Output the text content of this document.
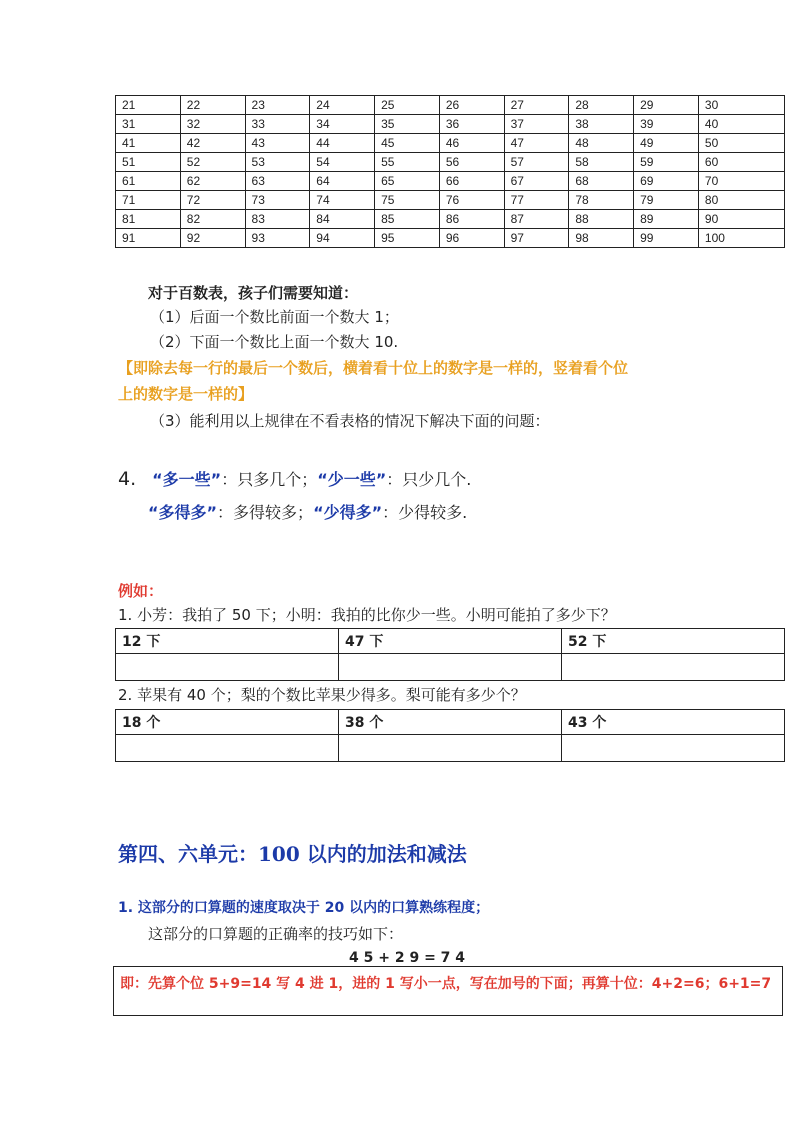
21	22	23	24	25	26	27	28	29	30
31	32	33	34	35	36	37	38	39	40
41	42	43	44	45	46	47	48	49	50
51	52	53	54	55	56	57	58	59	60
61	62	63	64	65	66	67	68	69	70
71	72	73	74	75	76	77	78	79	80
81	82	83	84	85	86	87	88	89	90
91	92	93	94	95	96	97	98	99	100
对于百数表，孩子们需要知道：
（1）后面一个数比前面一个数大 1；
（2）下面一个数比上面一个数大 10.
【即除去每一行的最后一个数后，横着看十位上的数字是一样的，竖着看个位
上的数字是一样的】
（3）能利用以上规律在不看表格的情况下解决下面的问题：
4. “多一些”：只多几个；“少一些”：只少几个.
“多得多”：多得较多；“少得多”：少得较多.
例如：
1. 小芳：我拍了 50 下；小明：我拍的比你少一些。小明可能拍了多少下？
12 下	47 下	52 下

2. 苹果有 40 个；梨的个数比苹果少得多。梨可能有多少个？
18 个	38 个	43 个

第四、六单元：100 以内的加法和减法
1. 这部分的口算题的速度取决于 20 以内的口算熟练程度；
这部分的口算题的正确率的技巧如下：
4 5 + 2 9 = 7 4
即：先算个位 5+9=14 写 4 进 1，进的 1 写小一点，写在加号的下面；再算十位：4+2=6；6+1=7
